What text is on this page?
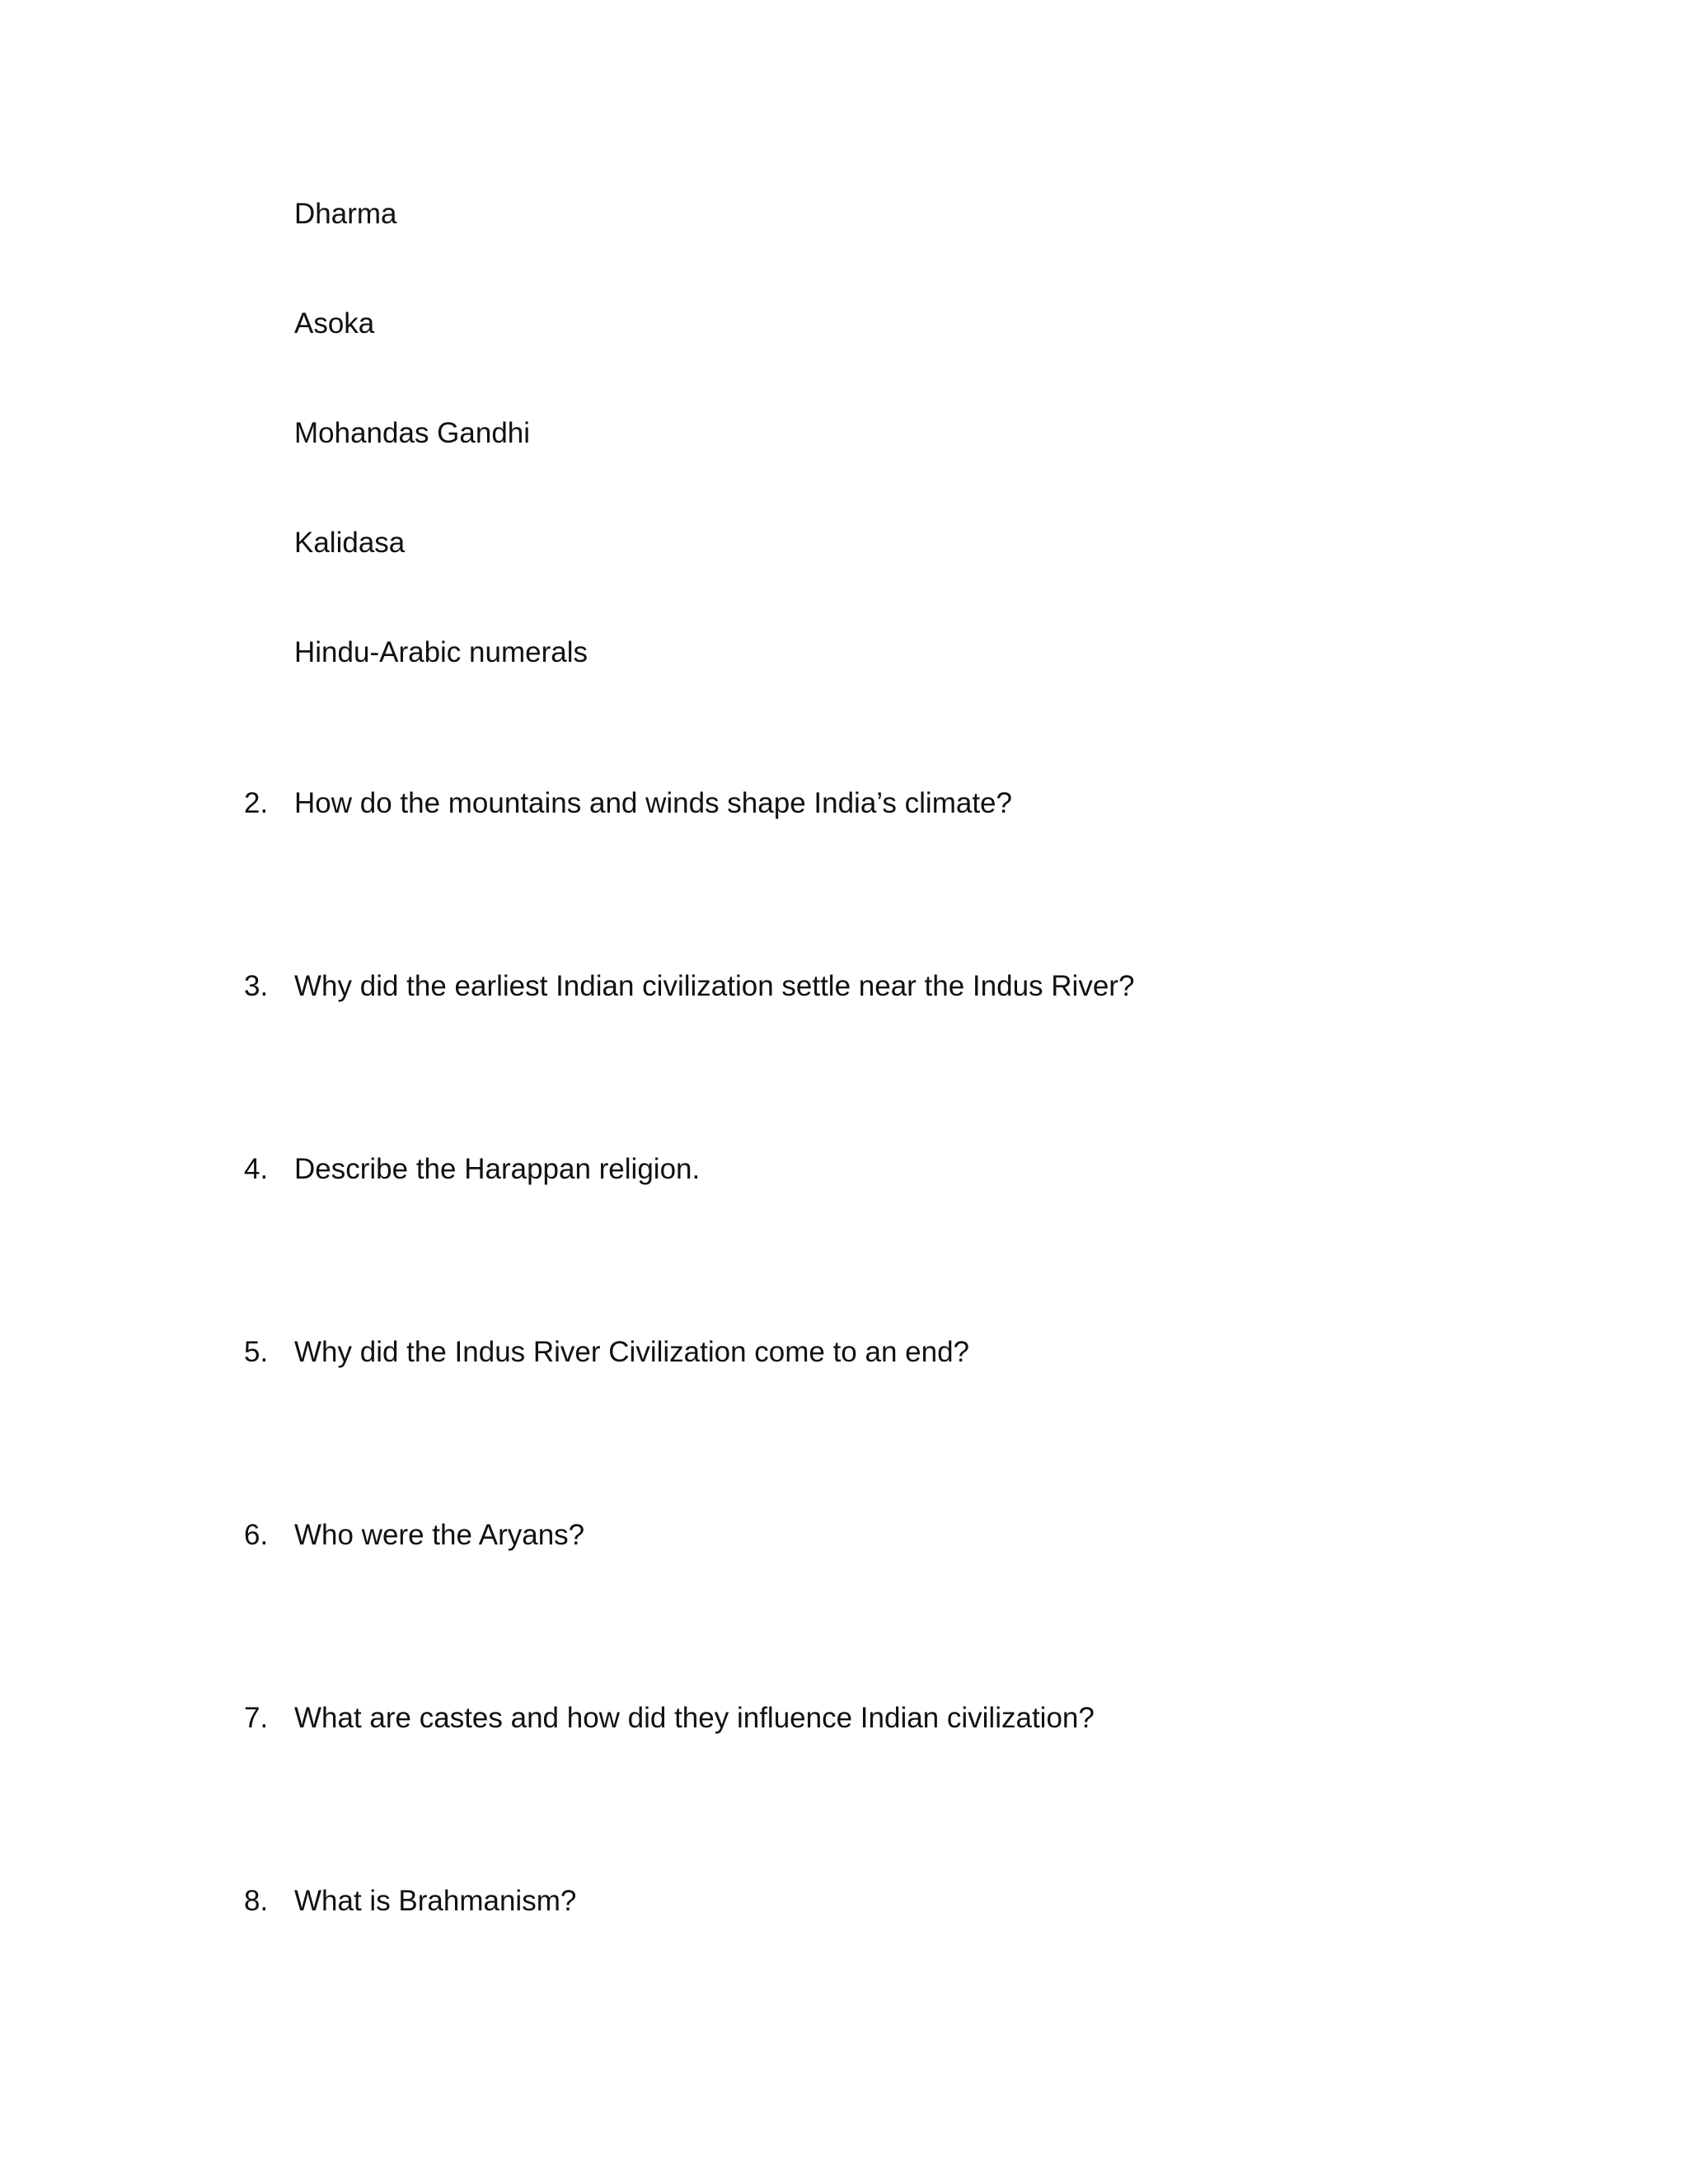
Dharma
Asoka
Mohandas Gandhi
Kalidasa
Hindu-Arabic numerals
2. How do the mountains and winds shape India’s climate?
3. Why did the earliest Indian civilization settle near the Indus River?
4. Describe the Harappan religion.
5. Why did the Indus River Civilization come to an end?
6. Who were the Aryans?
7. What are castes and how did they influence Indian civilization?
8. What is Brahmanism?
